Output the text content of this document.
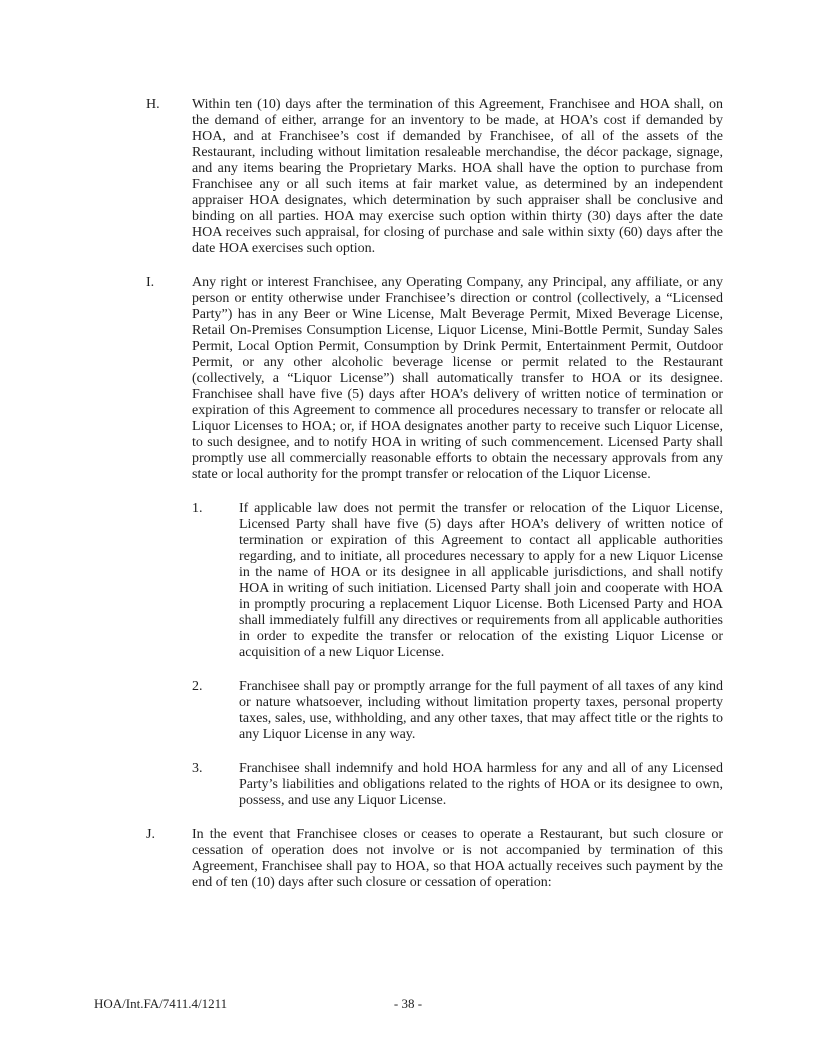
H. Within ten (10) days after the termination of this Agreement, Franchisee and HOA shall, on the demand of either, arrange for an inventory to be made, at HOA’s cost if demanded by HOA, and at Franchisee’s cost if demanded by Franchisee, of all of the assets of the Restaurant, including without limitation resaleable merchandise, the décor package, signage, and any items bearing the Proprietary Marks. HOA shall have the option to purchase from Franchisee any or all such items at fair market value, as determined by an independent appraiser HOA designates, which determination by such appraiser shall be conclusive and binding on all parties. HOA may exercise such option within thirty (30) days after the date HOA receives such appraisal, for closing of purchase and sale within sixty (60) days after the date HOA exercises such option.

I.	Any right or interest Franchisee, any Operating Company, any Principal, any affiliate, or any person or entity otherwise under Franchisee’s direction or control (collectively, a “Licensed Party”) has in any Beer or Wine License, Malt Beverage Permit, Mixed Beverage License, Retail On-Premises Consumption License, Liquor License, Mini-Bottle Permit, Sunday Sales Permit, Local Option Permit, Consumption by Drink Permit, Entertainment Permit, Outdoor Permit, or any other alcoholic beverage license or permit related to the Restaurant (collectively, a “Liquor License”) shall automatically transfer to HOA or its designee. Franchisee shall have five (5) days after HOA’s delivery of written notice of termination or expiration of this Agreement to commence all procedures necessary to transfer or relocate all Liquor Licenses to HOA; or, if HOA designates another party to receive such Liquor License, to such designee, and to notify HOA in writing of such commencement. Licensed Party shall promptly use all commercially reasonable efforts to obtain the necessary approvals from any state or local authority for the prompt transfer or relocation of the Liquor License.

1.	If applicable law does not permit the transfer or relocation of the Liquor License, Licensed Party shall have five (5) days after HOA’s delivery of written notice of termination or expiration of this Agreement to contact all applicable authorities regarding, and to initiate, all procedures necessary to apply for a new Liquor License in the name of HOA or its designee in all applicable jurisdictions, and shall notify HOA in writing of such initiation. Licensed Party shall join and cooperate with HOA in promptly procuring a replacement Liquor License. Both Licensed Party and HOA shall immediately fulfill any directives or requirements from all applicable authorities in order to expedite the transfer or relocation of the existing Liquor License or acquisition of a new Liquor License.

2.	Franchisee shall pay or promptly arrange for the full payment of all taxes of any kind or nature whatsoever, including without limitation property taxes, personal property taxes, sales, use, withholding, and any other taxes, that may affect title or the rights to any Liquor License in any way.

3.	Franchisee shall indemnify and hold HOA harmless for any and all of any Licensed Party’s liabilities and obligations related to the rights of HOA or its designee to own, possess, and use any Liquor License.

J.	In the event that Franchisee closes or ceases to operate a Restaurant, but such closure or cessation of operation does not involve or is not accompanied by termination of this Agreement, Franchisee shall pay to HOA, so that HOA actually receives such payment by the end of ten (10) days after such closure or cessation of operation:

HOA/Int.FA/7411.4/1211	- 38 -
